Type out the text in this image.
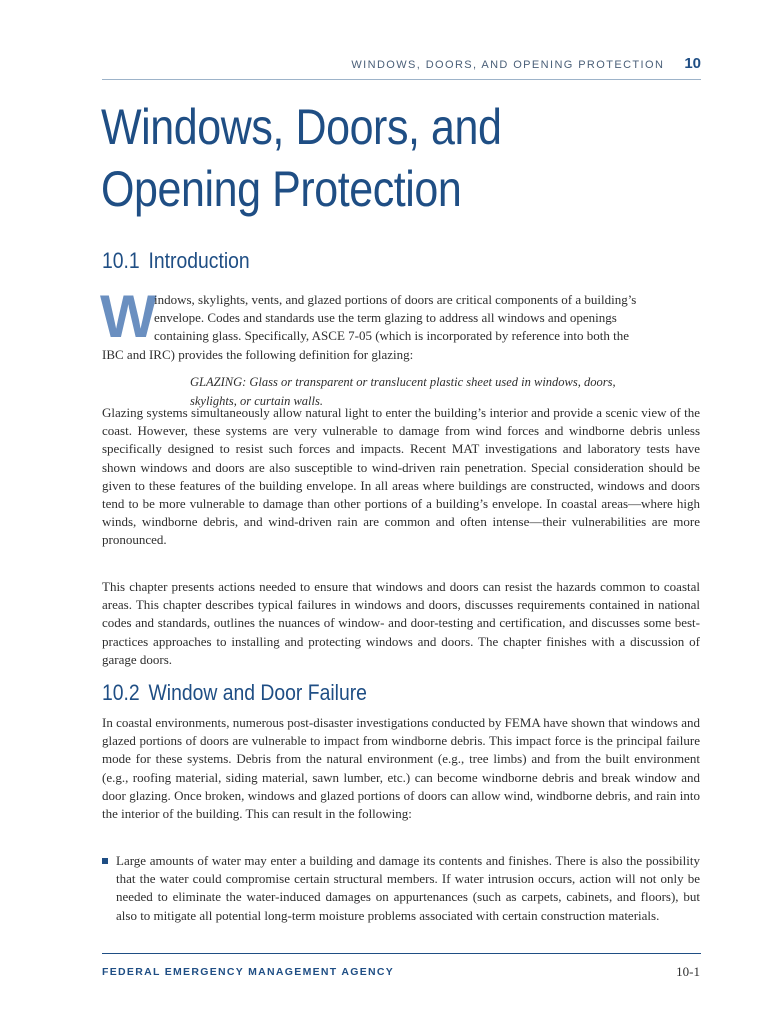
WINDOWS, DOORS, AND OPENING PROTECTION 10
Windows, Doors, and
Opening Protection
10.1 Introduction
W
indows, skylights, vents, and glazed portions of doors are critical components of a building’s
envelope. Codes and standards use the term glazing to address all windows and openings
containing glass. Specifically, ASCE 7-05 (which is incorporated by reference into both the
IBC and IRC) provides the following definition for glazing:
GLAZING: Glass or transparent or translucent plastic sheet used in windows, doors,
skylights, or curtain walls.

Glazing systems simultaneously allow natural light to enter the building’s interior and provide a scenic view of the coast. However, these systems are very vulnerable to damage from wind forces and windborne debris unless specifically designed to resist such forces and impacts. Recent MAT investigations and laboratory tests have shown windows and doors are also susceptible to wind-driven rain penetration. Special consideration should be given to these features of the building envelope. In all areas where buildings are constructed, windows and doors tend to be more vulnerable to damage than other portions of a building’s envelope. In coastal areas—where high winds, windborne debris, and wind-driven rain are common and often intense—their vulnerabilities are more pronounced.

This chapter presents actions needed to ensure that windows and doors can resist the hazards common to coastal areas. This chapter describes typical failures in windows and doors, discusses requirements contained in national codes and standards, outlines the nuances of window- and door-testing and certification, and discusses some best-practices approaches to installing and protecting windows and doors. The chapter finishes with a discussion of garage doors.

10.2 Window and Door Failure

In coastal environments, numerous post-disaster investigations conducted by FEMA have shown that windows and glazed portions of doors are vulnerable to impact from windborne debris. This impact force is the principal failure mode for these systems. Debris from the natural environment (e.g., tree limbs) and from the built environment (e.g., roofing material, siding material, sawn lumber, etc.) can become windborne debris and break window and door glazing. Once broken, windows and glazed portions of doors can allow wind, windborne debris, and rain into the interior of the building. This can result in the following:

Large amounts of water may enter a building and damage its contents and finishes. There is also the possibility that the water could compromise certain structural members. If water intrusion occurs, action will not only be needed to eliminate the water-induced damages on appurtenances (such as carpets, cabinets, and floors), but also to mitigate all potential long-term moisture problems associated with certain construction materials.
FEDERAL EMERGENCY MANAGEMENT AGENCY	10-1
